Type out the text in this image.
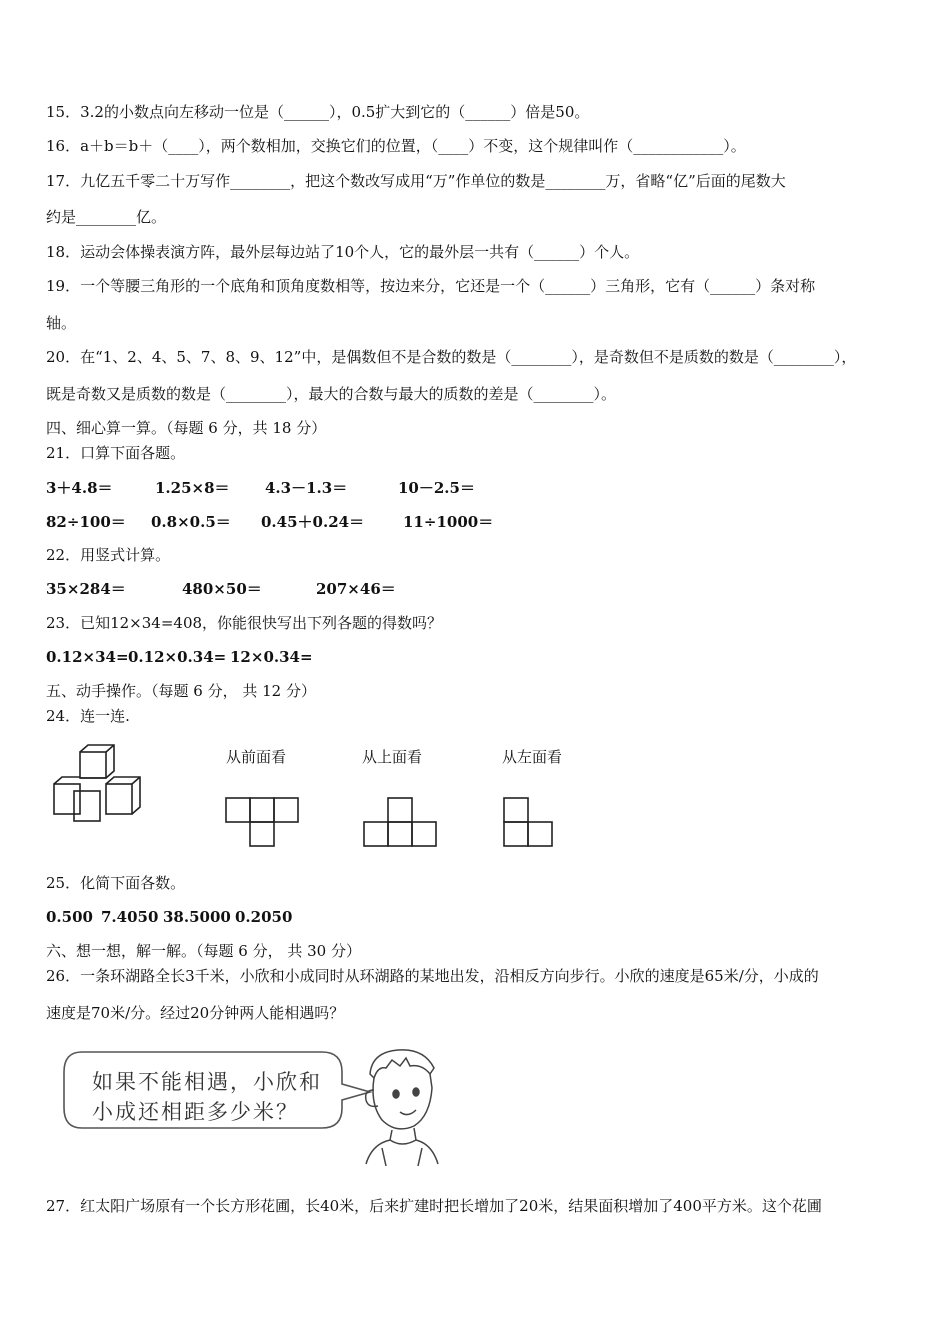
15．3.2的小数点向左移动一位是（______），0.5扩大到它的（______）倍是50。
16．a＋b＝b＋（____），两个数相加，交换它们的位置，（____）不变，这个规律叫作（____________）。
17．九亿五千零二十万写作________，把这个数改写成用“万”作单位的数是________万，省略“亿”后面的尾数大
约是________亿。
18．运动会体操表演方阵，最外层每边站了10个人，它的最外层一共有（______）个人。
19．一个等腰三角形的一个底角和顶角度数相等，按边来分，它还是一个（______）三角形，它有（______）条对称
轴。
20．在“1、2、4、5、7、8、9、12”中，是偶数但不是合数的数是（________），是奇数但不是质数的数是（________），
既是奇数又是质数的数是（________），最大的合数与最大的质数的差是（________）。
四、细心算一算。（每题 6 分，共 18 分）
21．口算下面各题。
3＋4.8＝	1.25×8＝ 4.3－1.3＝	10－2.5＝
82÷100＝ 0.8×0.5＝ 0.45＋0.24＝	11÷1000＝
22．用竖式计算。
35×284＝	480×50＝	207×46＝
23．已知12×34=408，你能很快写出下列各题的得数吗？
0.12×34= 0.12×0.34= 12×0.34=
五、动手操作。（每题 6 分， 共 12 分）
24．连一连.
从前面看	从上面看	从左面看
25．化简下面各数。
0.500 7.4050 38.5000 0.2050
六、想一想，解一解。（每题 6 分， 共 30 分）
26．一条环湖路全长3千米，小欣和小成同时从环湖路的某地出发，沿相反方向步行。小欣的速度是65米/分，小成的
速度是70米/分。经过20分钟两人能相遇吗？
如果不能相遇，小欣和
小成还相距多少米？
27．红太阳广场原有一个长方形花圃，长40米，后来扩建时把长增加了20米，结果面积增加了400平方米。这个花圃
